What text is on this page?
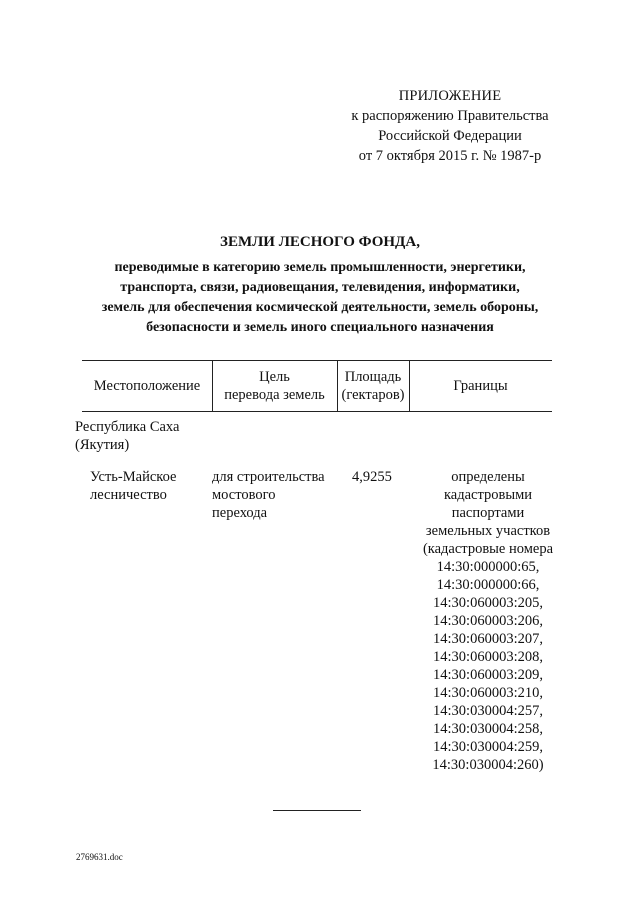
ПРИЛОЖЕНИЕ
к распоряжению Правительства
Российской Федерации
от 7 октября 2015 г. № 1987-р
ЗЕМЛИ ЛЕСНОГО ФОНДА,
переводимые в категорию земель промышленности, энергетики,
транспорта, связи, радиовещания, телевидения, информатики,
земель для обеспечения космической деятельности, земель обороны,
безопасности и земель иного специального назначения
Местоположение
Цель
перевода земель
Площадь
(гектаров)
Границы
Республика Саха
(Якутия)
Усть-Майское
лесничество
для строительства
мостового
перехода
4,9255	определены
кадастровыми
паспортами
земельных участков
(кадастровые номера
14:30:000000:65,
14:30:000000:66,
14:30:060003:205,
14:30:060003:206,
14:30:060003:207,
14:30:060003:208,
14:30:060003:209,
14:30:060003:210,
14:30:030004:257,
14:30:030004:258,
14:30:030004:259,
14:30:030004:260)
2769631.doc
